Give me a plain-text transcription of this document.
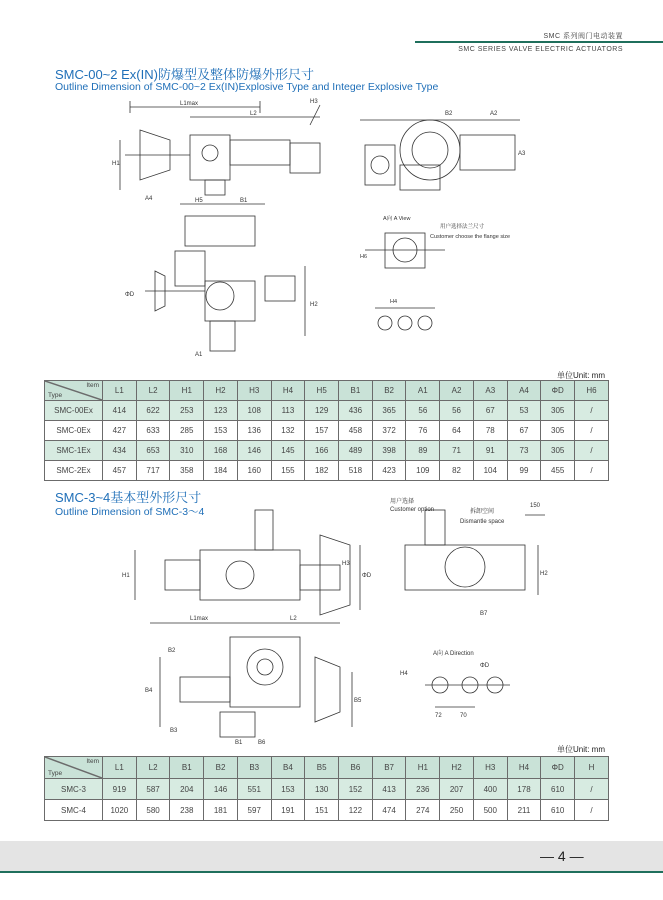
SMC 系列阀门电动装置
SMC SERIES VALVE ELECTRIC ACTUATORS
SMC-00~2 Ex(IN)防爆型及整体防爆外形尺寸
Outline Dimension of SMC-00~2 Ex(IN)Explosive Type and Integer Explosive Type
H3
L1max
L2
H1
A4
B2	A2
A3
H5	B1
ΦD
H2
A1
A向 A View
用户选择法兰尺寸
Customer choose the flange size
H6
H4
单位Unit: mm
Item
Type	L1	L2	H1	H2	H3	H4	H5	B1	B2	A1	A2	A3	A4	ΦD	H6
SMC-00Ex	414	622	253	123	108	113	129	436	365	56	56	67	53	305	/
SMC-0Ex	427	633	285	153	136	132	157	458	372	76	64	78	67	305	/
SMC-1Ex	434	653	310	168	146	145	166	489	398	89	71	91	73	305	/
SMC-2Ex	457	717	358	184	160	155	182	518	423	109	82	104	99	455	/
SMC-3~4基本型外形尺寸
Outline Dimension of SMC-3～4
H1	ΦD
L1max	L2
H3
用户选择
Customer option	拆卸空间
Dismantle space
150
H2
B7
B4
B2
B5
B1	B6
B3
A向 A Direction
ΦD
72	70
H4
单位Unit: mm
Item
Type	L1	L2	B1	B2	B3	B4	B5	B6	B7	H1	H2	H3	H4	ΦD	H
SMC-3	919	587	204	146	551	153	130	152	413	236	207	400	178	610	/
SMC-4	1020	580	238	181	597	191	151	122	474	274	250	500	211	610	/
— 4 —
